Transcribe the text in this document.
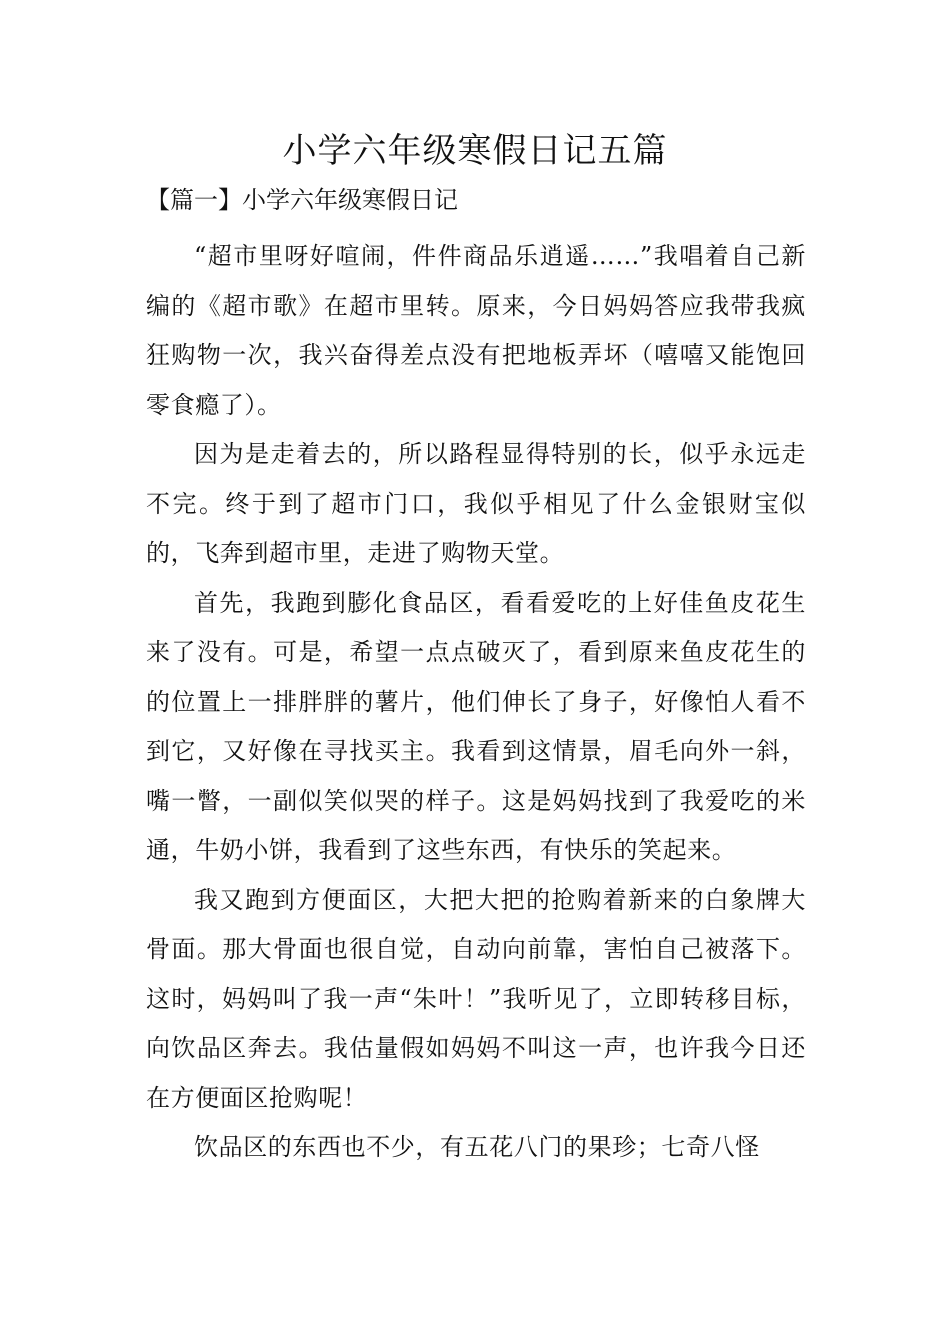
小学六年级寒假日记五篇
【篇一】小学六年级寒假日记

“超市里呀好喧闹，件件商品乐逍遥……”我唱着自己新编的《超市歌》在超市里转。原来，今日妈妈答应我带我疯狂购物一次，我兴奋得差点没有把地板弄坏（嘻嘻又能饱回零食瘾了）。

因为是走着去的，所以路程显得特别的长，似乎永远走不完。终于到了超市门口，我似乎相见了什么金银财宝似的，飞奔到超市里，走进了购物天堂。

首先，我跑到膨化食品区，看看爱吃的上好佳鱼皮花生来了没有。可是，希望一点点破灭了，看到原来鱼皮花生的的位置上一排胖胖的薯片，他们伸长了身子，好像怕人看不到它，又好像在寻找买主。我看到这情景，眉毛向外一斜，嘴一瞥，一副似笑似哭的样子。这是妈妈找到了我爱吃的米通，牛奶小饼，我看到了这些东西，有快乐的笑起来。

我又跑到方便面区，大把大把的抢购着新来的白象牌大骨面。那大骨面也很自觉，自动向前靠，害怕自己被落下。这时，妈妈叫了我一声“朱叶！”我听见了，立即转移目标，向饮品区奔去。我估量假如妈妈不叫这一声，也许我今日还在方便面区抢购呢！

饮品区的东西也不少，有五花八门的果珍；七奇八怪
